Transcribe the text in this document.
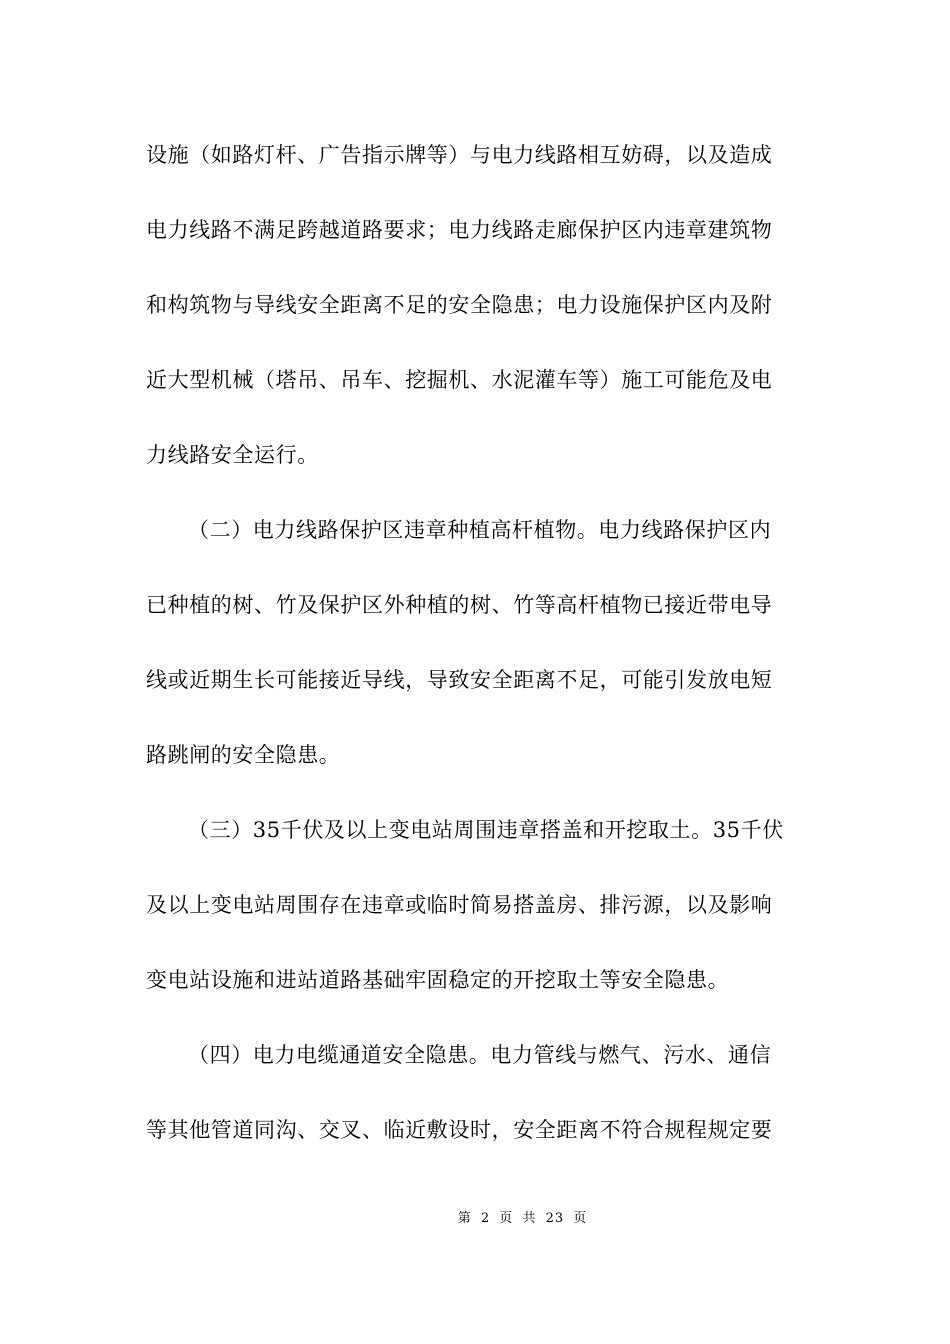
设施（如路灯杆、广告指示牌等）与电力线路相互妨碍，以及造成
电力线路不满足跨越道路要求；电力线路走廊保护区内违章建筑物
和构筑物与导线安全距离不足的安全隐患；电力设施保护区内及附
近大型机械（塔吊、吊车、挖掘机、水泥灌车等）施工可能危及电
力线路安全运行。
（二）电力线路保护区违章种植高杆植物。电力线路保护区内
已种植的树、竹及保护区外种植的树、竹等高杆植物已接近带电导
线或近期生长可能接近导线，导致安全距离不足，可能引发放电短
路跳闸的安全隐患。
（三）35千伏及以上变电站周围违章搭盖和开挖取土。35千伏
及以上变电站周围存在违章或临时简易搭盖房、排污源，以及影响
变电站设施和进站道路基础牢固稳定的开挖取土等安全隐患。
（四）电力电缆通道安全隐患。电力管线与燃气、污水、通信
等其他管道同沟、交叉、临近敷设时，安全距离不符合规程规定要
第 2 页 共 23 页
